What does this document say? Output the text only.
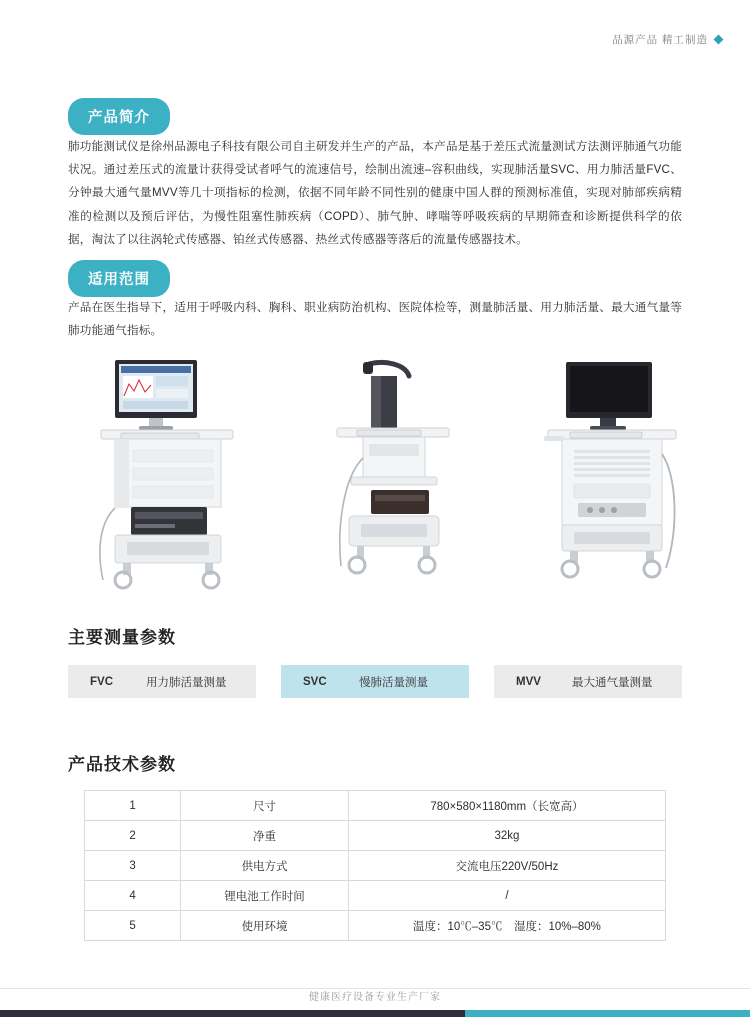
品源产品 精工制造
产品简介
肺功能测试仪是徐州品源电子科技有限公司自主研发并生产的产品，本产品是基于差压式流量测试方法测评肺通气功能状况。通过差压式的流量计获得受试者呼气的流速信号，绘制出流速–容积曲线，实现肺活量SVC、用力肺活量FVC、分钟最大通气量MVV等几十项指标的检测，依据不同年龄不同性别的健康中国人群的预测标准值，实现对肺部疾病精准的检测以及预后评估，为慢性阻塞性肺疾病（COPD）、肺气肿、哮喘等呼吸疾病的早期筛查和诊断提供科学的依据，淘汰了以往涡轮式传感器、铂丝式传感器、热丝式传感器等落后的流量传感器技术。
适用范围
产品在医生指导下，适用于呼吸内科、胸科、职业病防治机构、医院体检等，测量肺活量、用力肺活量、最大通气量等肺功能通气指标。
主要测量参数
FVC	用力肺活量测量	SVC	慢肺活量测量	MVV	最大通气量测量
产品技术参数
1	尺寸	780×580×1180mm（长宽高）
2	净重	32kg
3	供电方式	交流电压220V/50Hz
4	锂电池工作时间	/
5	使用环境	温度：10℃–35℃　湿度：10%–80%
健康医疗设备专业生产厂家
